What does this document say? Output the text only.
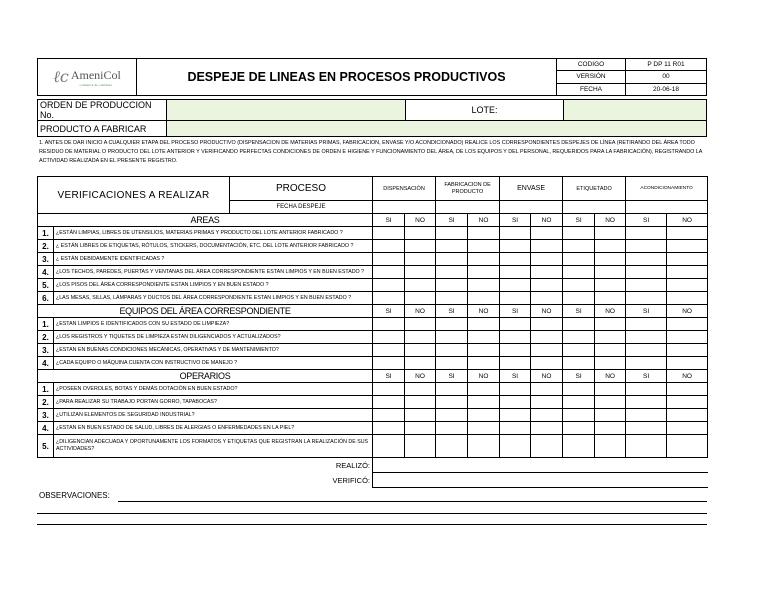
ℓc AmeniCol
cosmetica de confianza	DESPEJE DE LINEAS EN PROCESOS PRODUCTIVOS	CODIGO	P DP 11 R01
		VERSIÓN	00
		FECHA	20-06-18
ORDEN DE PRODUCCION No.		LOTE:	
PRODUCTO A FABRICAR			
1. ANTES DE DAR INICIO A CUALQUIER ETAPA DEL PROCESO PRODUCTIVO (DISPENSACION DE MATERIAS PRIMAS, FABRICACION, ENVASE Y/O ACONDICIONADO) REALICE LOS CORRESPONDIENTES DESPEJES DE LÍNEA (RETIRANDO DEL ÁREA TODO RESIDUO DE MATERIAL O PRODUCTO DEL LOTE ANTERIOR Y VERIFICANDO PERFECTAS CONDICIONES DE ORDEN E HIGIENE Y FUNCIONAMIENTO DEL ÁREA, DE LOS EQUIPOS Y DEL PERSONAL, REQUERIDOS PARA LA FABRICACIÓN), REGISTRANDO LA ACTIVIDAD REALIZADA EN EL PRESENTE REGISTRO.
VERIFICACIONES A REALIZAR		PROCESO	DISPENSACIÓN		FABRICACION DE PRODUCTO		ENVASE		ETIQUETADO		ACONDICIONAMIENTO	
		FECHA DESPEJE										
AREAS			SI	NO	SI	NO	SI	NO	SI	NO	SI	NO
1.	¿ESTÁN LIMPIAS, LIBRES DE UTENSILIOS, MATERIAS PRIMAS Y PRODUCTO DEL LOTE ANTERIOR FABRICADO ?											
2.	¿ ESTÁN LIBRES DE ETIQUETAS, RÓTULOS, STICKERS, DOCUMENTACIÓN, ETC. DEL LOTE ANTERIOR FABRICADO ?											
3.	¿ ESTÁN DEBIDAMENTE IDENTIFICADAS ?											
4.	¿LOS TECHOS, PAREDES, PUERTAS Y VENTANAS DEL ÁREA CORRESPONDIENTE ESTAN LIMPIOS Y EN BUEN ESTADO ?											
5.	¿LOS PISOS DEL ÁREA CORRESPONDIENTE ESTAN LIMPIOS Y EN BUEN ESTADO ?											
6.	¿LAS MESAS, SILLAS, LÁMPARAS Y DUCTOS DEL ÁREA CORRESPONDIENTE ESTAN LIMPIOS Y EN BUEN ESTADO ?											
EQUIPOS DEL ÁREA CORRESPONDIENTE			SI	NO	SI	NO	SI	NO	SI	NO	SI	NO
1.	¿ESTAN LIMPIOS E IDENTIFICADOS CON SU ESTADO DE LIMPIEZA?											
2.	¿LOS REGISTROS Y TIQUETES DE LIMPIEZA ESTAN DILIGENCIADOS Y ACTUALIZADOS?											
3.	¿ESTAN EN BUENAS CONDICIONES MECÁNICAS, OPERATIVAS Y DE MANTENIMIENTO?											
4.	¿CADA EQUIPO O MÁQUINA CUENTA CON INSTRUCTIVO DE MANEJO ?											
OPERARIOS			SI	NO	SI	NO	SI	NO	SI	NO	SI	NO
1.	¿POSEEN OVEROLES, BOTAS Y DEMÁS DOTACIÓN EN BUEN ESTADO?											
2.	¿PARA REALIZAR SU TRABAJO PORTAN GORRO, TAPABOCAS?											
3.	¿UTILIZAN ELEMENTOS DE SEGURIDAD INDUSTRIAL?											
4.	¿ESTAN EN BUEN ESTADO DE SALUD, LIBRES DE ALERGIAS O ENFERMEDADES EN LA PIEL?											
5.	¿DILIGENCIAN ADECUADA Y OPORTUNAMENTE LOS FORMATOS Y ETIQUETAS QUE REGISTRAN LA REALIZACIÓN DE SUS ACTIVIDADES?											
REALIZÓ:												
VERIFICÓ:												
OBSERVACIONES:
